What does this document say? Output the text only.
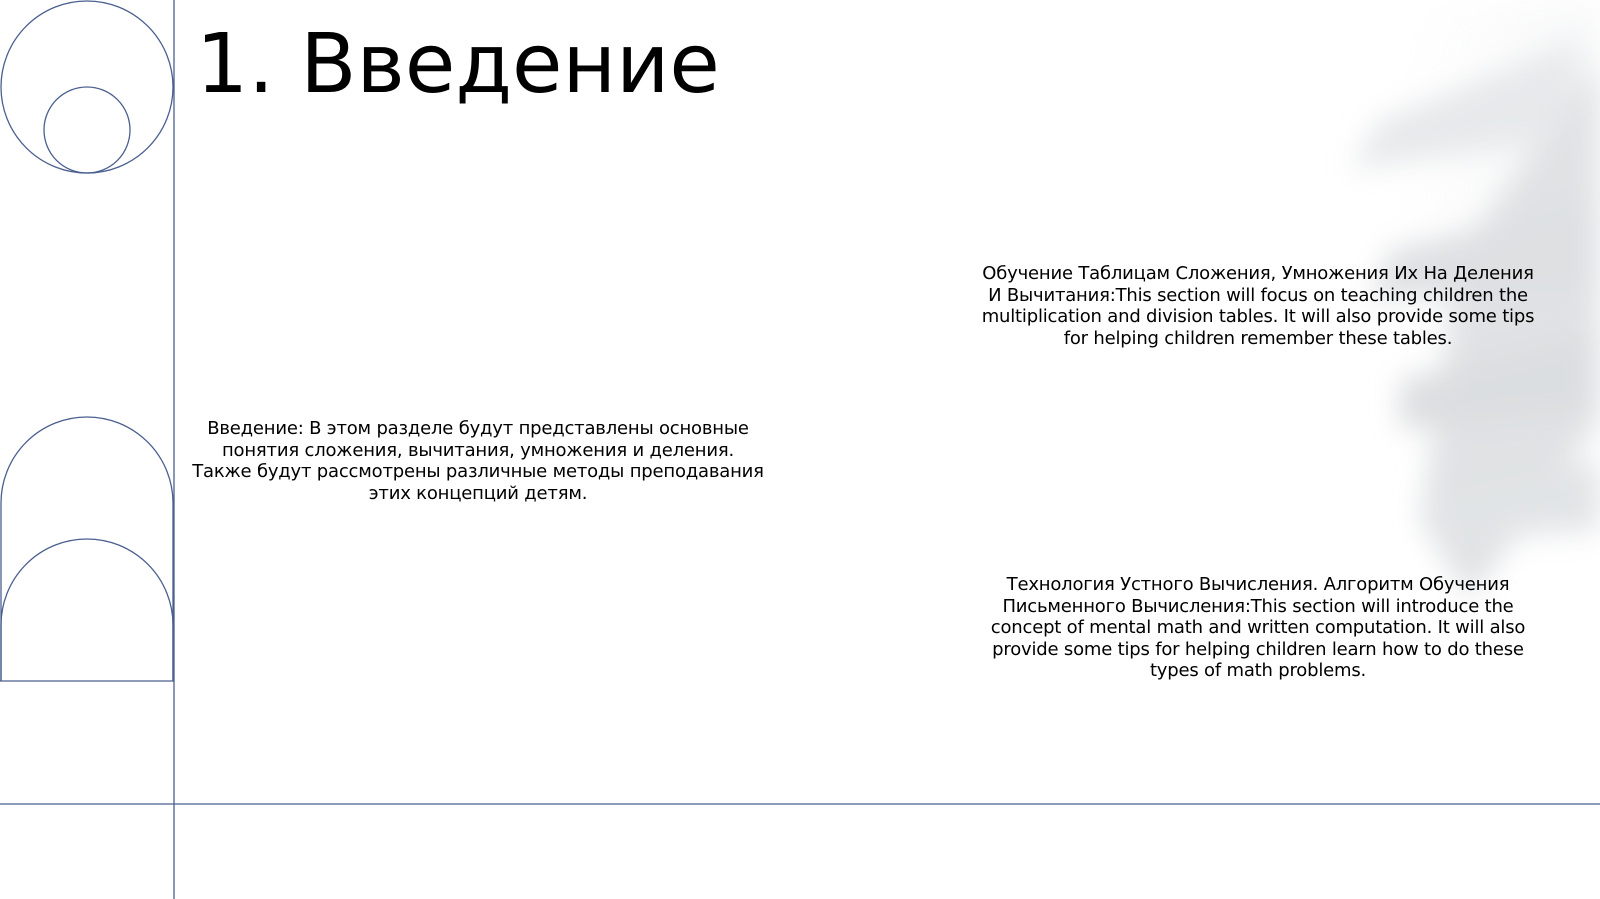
1. Введение

Введение: В этом разделе будут представлены основные понятия сложения, вычитания, умножения и деления. Также будут рассмотрены различные методы преподавания этих концепций детям.

Обучение Таблицам Сложения, Умножения Их На Деления И Вычитания:This section will focus on teaching children the multiplication and division tables. It will also provide some tips for helping children remember these tables.

Технология Устного Вычисления. Алгоритм Обучения Письменного Вычисления:This section will introduce the concept of mental math and written computation. It will also provide some tips for helping children learn how to do these types of math problems.
